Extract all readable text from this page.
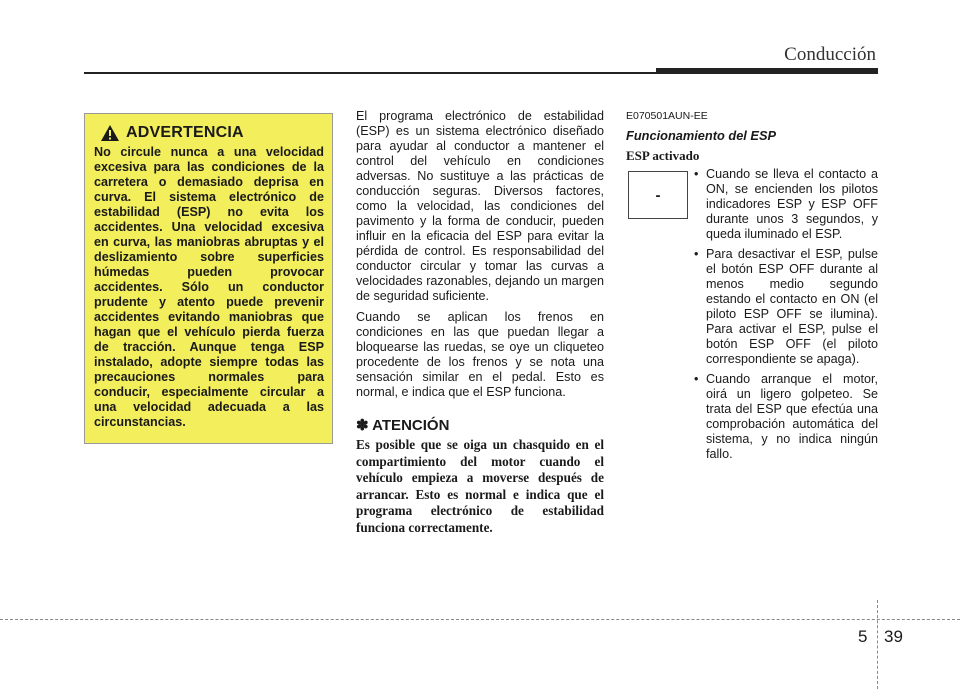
Conducción
ADVERTENCIA
No circule nunca a una velocidad excesiva para las condiciones de la carretera o demasiado deprisa en curva. El sistema electrónico de estabilidad (ESP) no evita los accidentes. Una velocidad excesiva en curva, las maniobras abruptas y el deslizamiento sobre superficies húmedas pueden provocar accidentes. Sólo un conductor prudente y atento puede prevenir accidentes evitando maniobras que hagan que el vehículo pierda fuerza de tracción. Aunque tenga ESP instalado, adopte siempre todas las precauciones normales para conducir, especialmente circular a una velocidad adecuada a las circunstancias.

El programa electrónico de estabilidad (ESP) es un sistema electrónico diseñado para ayudar al conductor a mantener el control del vehículo en condiciones adversas. No sustituye a las prácticas de conducción seguras. Diversos factores, como la velocidad, las condiciones del pavimento y la forma de conducir, pueden influir en la eficacia del ESP para evitar la pérdida de control. Es responsabilidad del conductor circular y tomar las curvas a velocidades razonables, dejando un margen de seguridad suficiente.

Cuando se aplican los frenos en condiciones en las que puedan llegar a bloquearse las ruedas, se oye un cliqueteo procedente de los frenos y se nota una sensación similar en el pedal. Esto es normal, e indica que el ESP funciona.

✽ ATENCIÓN
Es posible que se oiga un chasquido en el compartimiento del motor cuando el vehículo empieza a moverse después de arrancar. Esto es normal e indica que el programa electrónico de estabilidad funciona correctamente.
E070501AUN-EE
Funcionamiento del ESP
ESP activado
-
• Cuando se lleva el contacto a ON, se encienden los pilotos indicadores ESP y ESP OFF durante unos 3 segundos, y queda iluminado el ESP.
• Para desactivar el ESP, pulse el botón ESP OFF durante al menos medio segundo estando el contacto en ON (el piloto ESP OFF se ilumina). Para activar el ESP, pulse el botón ESP OFF (el piloto correspondiente se apaga).
• Cuando arranque el motor, oirá un ligero golpeteo. Se trata del ESP que efectúa una comprobación automática del sistema, y no indica ningún fallo.
5 39
